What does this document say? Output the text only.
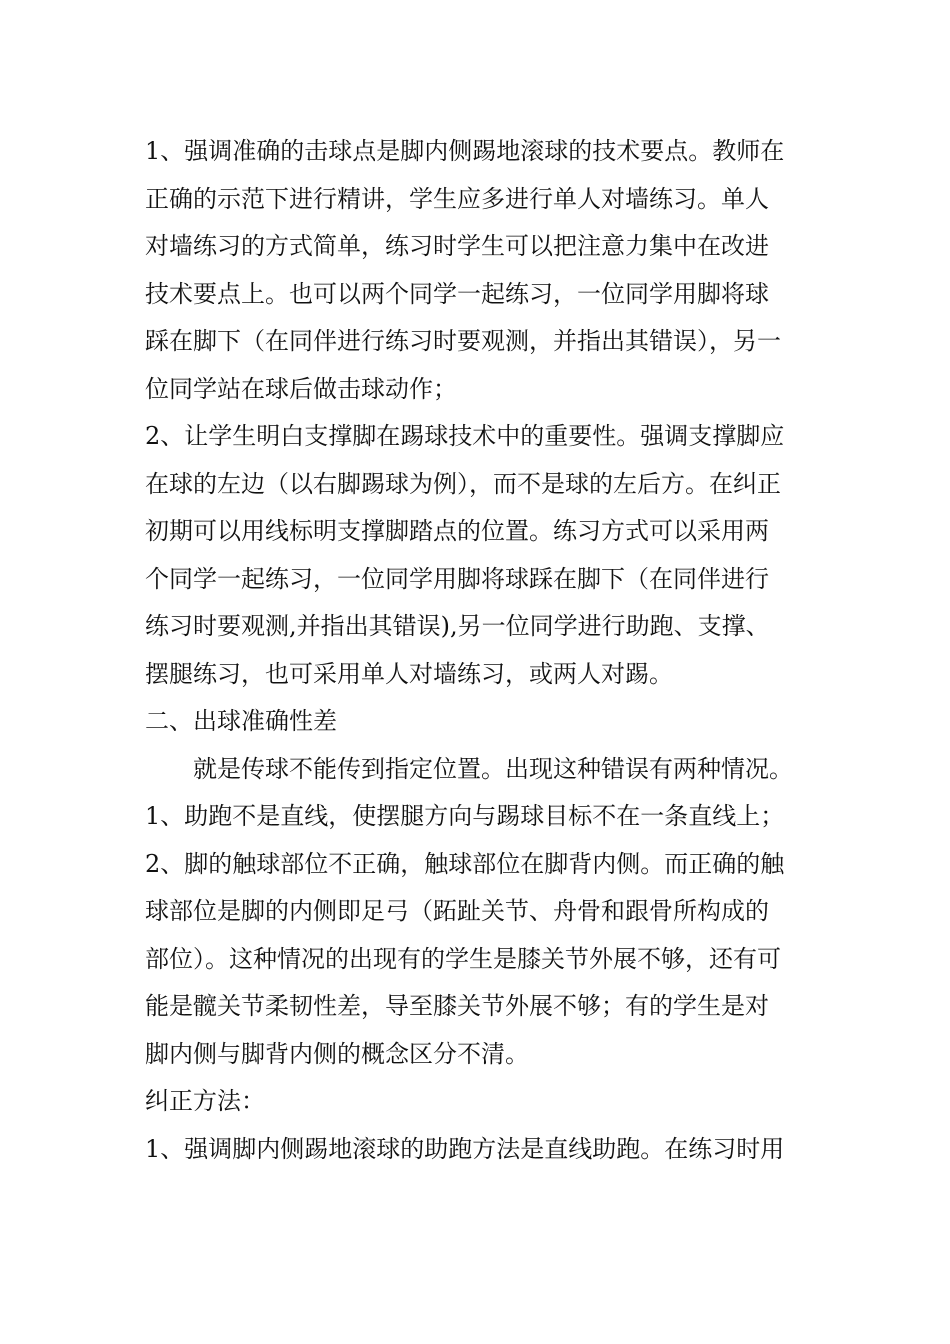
1、强调准确的击球点是脚内侧踢地滚球的技术要点。教师在
正确的示范下进行精讲，学生应多进行单人对墙练习。单人
对墙练习的方式简单，练习时学生可以把注意力集中在改进
技术要点上。也可以两个同学一起练习，一位同学用脚将球
踩在脚下（在同伴进行练习时要观测，并指出其错误），另一
位同学站在球后做击球动作；
2、让学生明白支撑脚在踢球技术中的重要性。强调支撑脚应
在球的左边（以右脚踢球为例），而不是球的左后方。在纠正
初期可以用线标明支撑脚踏点的位置。练习方式可以采用两
个同学一起练习，一位同学用脚将球踩在脚下（在同伴进行
练习时要观测,并指出其错误),另一位同学进行助跑、支撑、
摆腿练习，也可采用单人对墙练习，或两人对踢。
二、出球准确性差
就是传球不能传到指定位置。出现这种错误有两种情况。
1、助跑不是直线，使摆腿方向与踢球目标不在一条直线上；
2、脚的触球部位不正确，触球部位在脚背内侧。而正确的触
球部位是脚的内侧即足弓（跖趾关节、舟骨和跟骨所构成的
部位）。这种情况的出现有的学生是膝关节外展不够，还有可
能是髋关节柔韧性差，导至膝关节外展不够；有的学生是对
脚内侧与脚背内侧的概念区分不清。
纠正方法：
1、强调脚内侧踢地滚球的助跑方法是直线助跑。在练习时用
